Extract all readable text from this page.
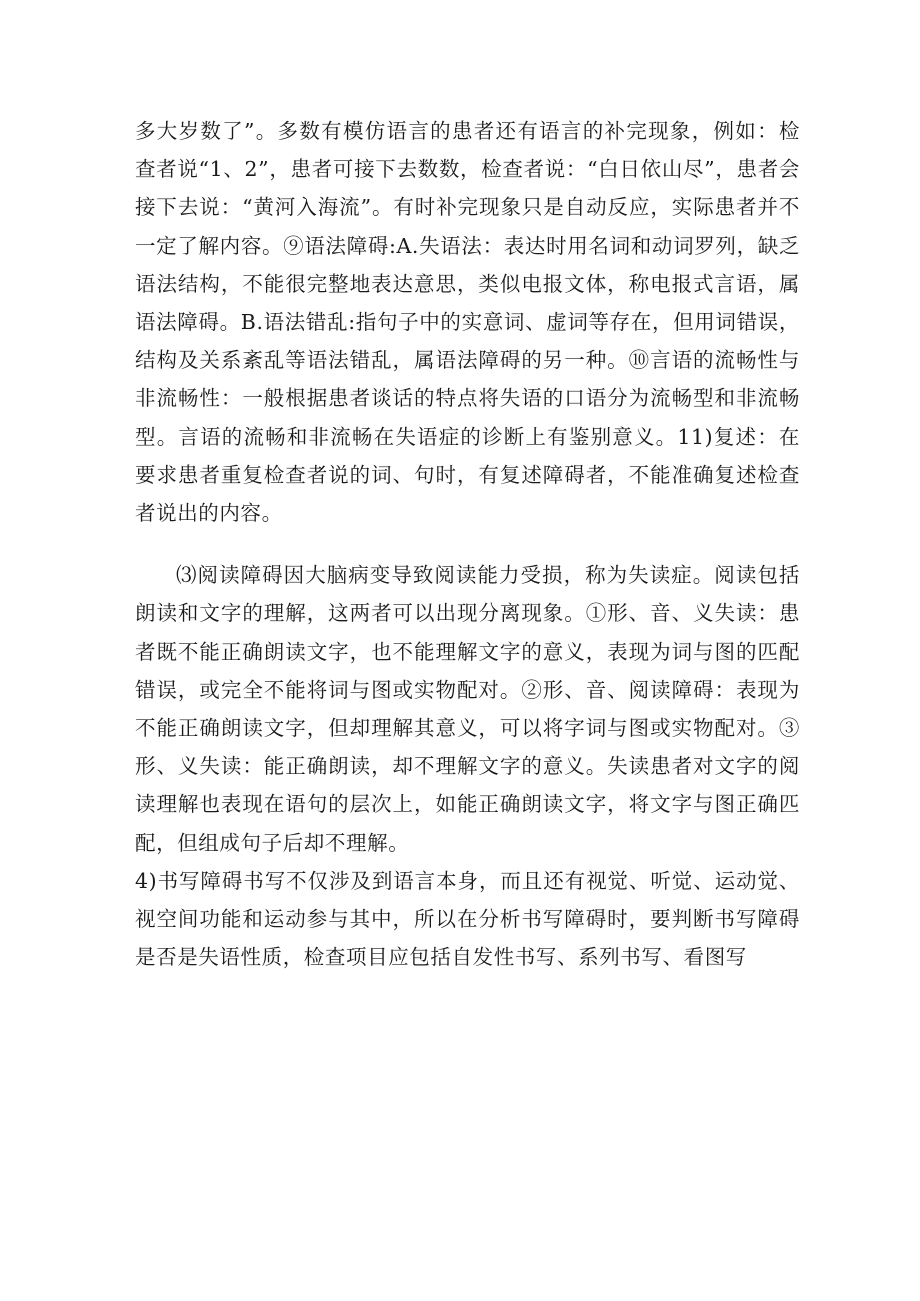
多大岁数了”。多数有模仿语言的患者还有语言的补完现象，例如：检查者说“1、2”，患者可接下去数数，检查者说：“白日依山尽”，患者会接下去说：“黄河入海流”。有时补完现象只是自动反应，实际患者并不一定了解内容。⑨语法障碍:A.失语法：表达时用名词和动词罗列，缺乏语法结构，不能很完整地表达意思，类似电报文体，称电报式言语，属语法障碍。B.语法错乱:指句子中的实意词、虚词等存在，但用词错误，结构及关系紊乱等语法错乱，属语法障碍的另一种。⑩言语的流畅性与非流畅性：一般根据患者谈话的特点将失语的口语分为流畅型和非流畅型。言语的流畅和非流畅在失语症的诊断上有鉴别意义。11)复述：在要求患者重复检查者说的词、句时，有复述障碍者，不能准确复述检查者说出的内容。

⑶阅读障碍因大脑病变导致阅读能力受损，称为失读症。阅读包括朗读和文字的理解，这两者可以出现分离现象。①形、音、义失读：患者既不能正确朗读文字，也不能理解文字的意义，表现为词与图的匹配错误，或完全不能将词与图或实物配对。②形、音、阅读障碍：表现为不能正确朗读文字，但却理解其意义，可以将字词与图或实物配对。③形、义失读：能正确朗读，却不理解文字的意义。失读患者对文字的阅读理解也表现在语句的层次上，如能正确朗读文字，将文字与图正确匹配，但组成句子后却不理解。

4)书写障碍书写不仅涉及到语言本身，而且还有视觉、听觉、运动觉、视空间功能和运动参与其中，所以在分析书写障碍时，要判断书写障碍是否是失语性质，检查项目应包括自发性书写、系列书写、看图写
